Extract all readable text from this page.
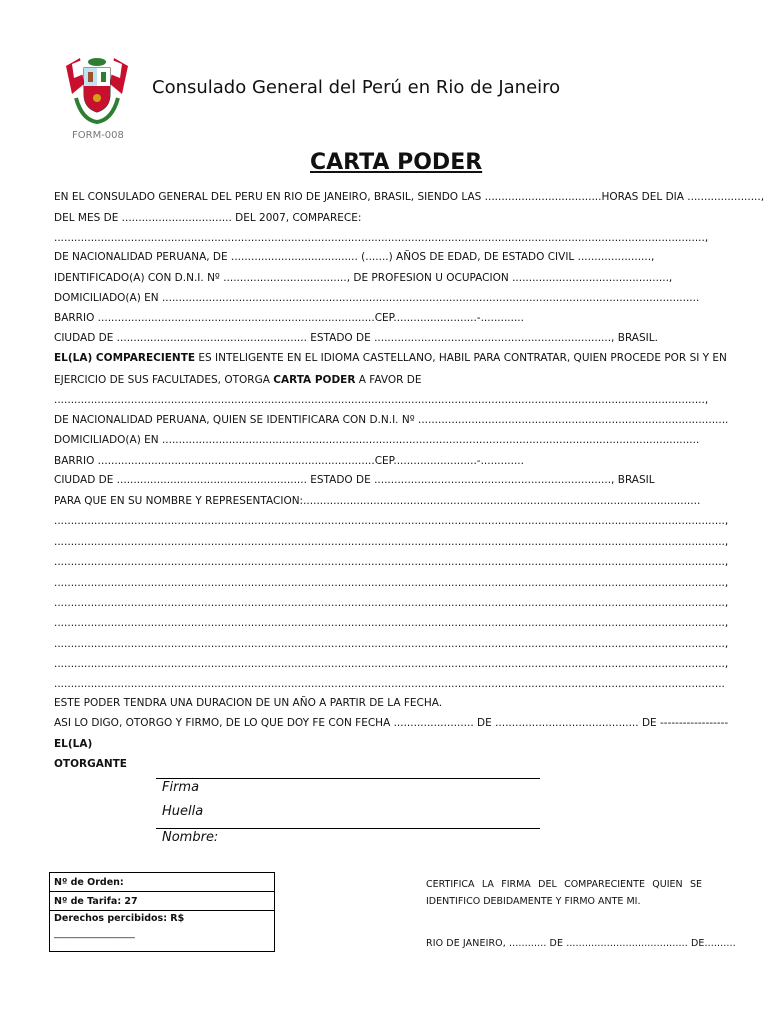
FORM-008
Consulado General del Perú en Rio de Janeiro
CARTA PODER
EN EL CONSULADO GENERAL DEL PERU EN RIO DE JANEIRO, BRASIL, SIENDO LAS ...................................HORAS DEL DIA ......................,
DEL MES DE ................................. DEL 2007, COMPARECE:
...................................................................................................................................................................................................,
DE NACIONALIDAD PERUANA, DE ...................................... (.......) AÑOS DE EDAD, DE ESTADO CIVIL ......................,
IDENTIFICADO(A) CON D.N.I. Nº ....................................., DE PROFESION U OCUPACION ...............................................,
DOMICILIADO(A) EN .................................................................................................................................................................
BARRIO ...................................................................................CEP.........................-.............
CIUDAD DE ......................................................... ESTADO DE ......................................................................., BRASIL.
EL(LA) COMPARECIENTE ES INTELIGENTE EN EL IDIOMA CASTELLANO, HABIL PARA CONTRATAR, QUIEN PROCEDE POR SI Y EN
EJERCICIO DE SUS FACULTADES, OTORGA CARTA PODER A FAVOR DE
...................................................................................................................................................................................................,
DE NACIONALIDAD PERUANA, QUIEN SE IDENTIFICARA CON D.N.I. Nº .............................................................................................
DOMICILIADO(A) EN .................................................................................................................................................................
BARRIO ...................................................................................CEP.........................-.............
CIUDAD DE ......................................................... ESTADO DE ......................................................................., BRASIL
PARA QUE EN SU NOMBRE Y REPRESENTACION:.......................................................................................................................
.........................................................................................................................................................................................................,
.........................................................................................................................................................................................................,
.........................................................................................................................................................................................................,
.........................................................................................................................................................................................................,
.........................................................................................................................................................................................................,
.........................................................................................................................................................................................................,
.........................................................................................................................................................................................................,
.........................................................................................................................................................................................................,
.........................................................................................................................................................................................................
ESTE PODER TENDRA UNA DURACION DE UN AÑO A PARTIR DE LA FECHA.
ASI LO DIGO, OTORGO Y FIRMO, DE LO QUE DOY FE CON FECHA ........................ DE ........................................... DE ------------------
EL(LA)
OTORGANTE
Firma
Huella
Nombre:
Nº de Orden:
Nº de Tarifa: 27

Derechos percibidos: R$
_________________
CERTIFICA LA FIRMA DEL COMPARECIENTE QUIEN SE IDENTIFICO DEBIDAMENTE Y FIRMO ANTE MI.
RIO DE JANEIRO, ............ DE ....................................... DE..........
